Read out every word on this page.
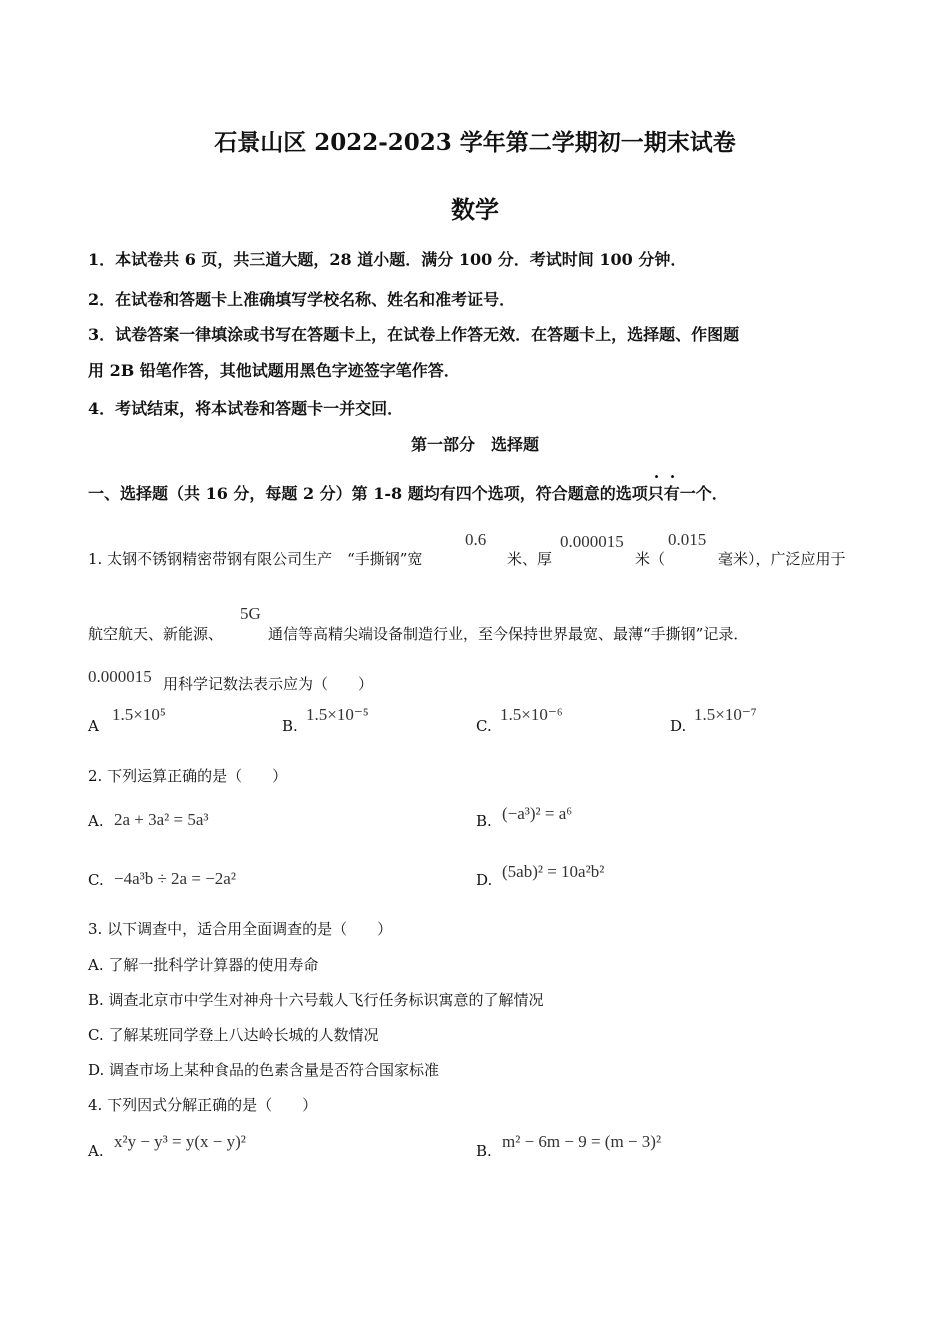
石景山区 2022-2023 学年第二学期初一期末试卷
数学
1．本试卷共 6 页，共三道大题，28 道小题．满分 100 分．考试时间 100 分钟．
2．在试卷和答题卡上准确填写学校名称、姓名和准考证号．
3．试卷答案一律填涂或书写在答题卡上，在试卷上作答无效．在答题卡上，选择题、作图题
用 2B 铅笔作答，其他试题用黑色字迹签字笔作答．
4．考试结束，将本试卷和答题卡一并交回．
第一部分　选择题
一、选择题（共 16 分，每题 2 分）第 1-8 题均有四个选项，符合题意的选项只有一个．
1. 太钢不锈钢精密带钢有限公司生产　“手撕钢”宽
0.6
米、厚
0.000015
米（
0.015
毫米），广泛应用于
5G
航空航天、新能源、	通信等高精尖端设备制造行业，至今保持世界最宽、最薄“手撕钢”记录．
0.000015 用科学记数法表示应为（　　）
A
1.5×10⁵
B.
1.5×10⁻⁵
C.
1.5×10⁻⁶
D.
1.5×10⁻⁷
2. 下列运算正确的是（　　）
A. 2a + 3a² = 5a³	B. (−a³)² = a⁶
C. −4a³b ÷ 2a = −2a²	D. (5ab)² = 10a²b²
3. 以下调查中，适合用全面调查的是（　　）
A. 了解一批科学计算器的使用寿命
B. 调查北京市中学生对神舟十六号载人飞行任务标识寓意的了解情况
C. 了解某班同学登上八达岭长城的人数情况
D. 调查市场上某种食品的色素含量是否符合国家标准
4. 下列因式分解正确的是（　　）
A. x²y − y³ = y(x − y)²	B. m² − 6m − 9 = (m − 3)²
